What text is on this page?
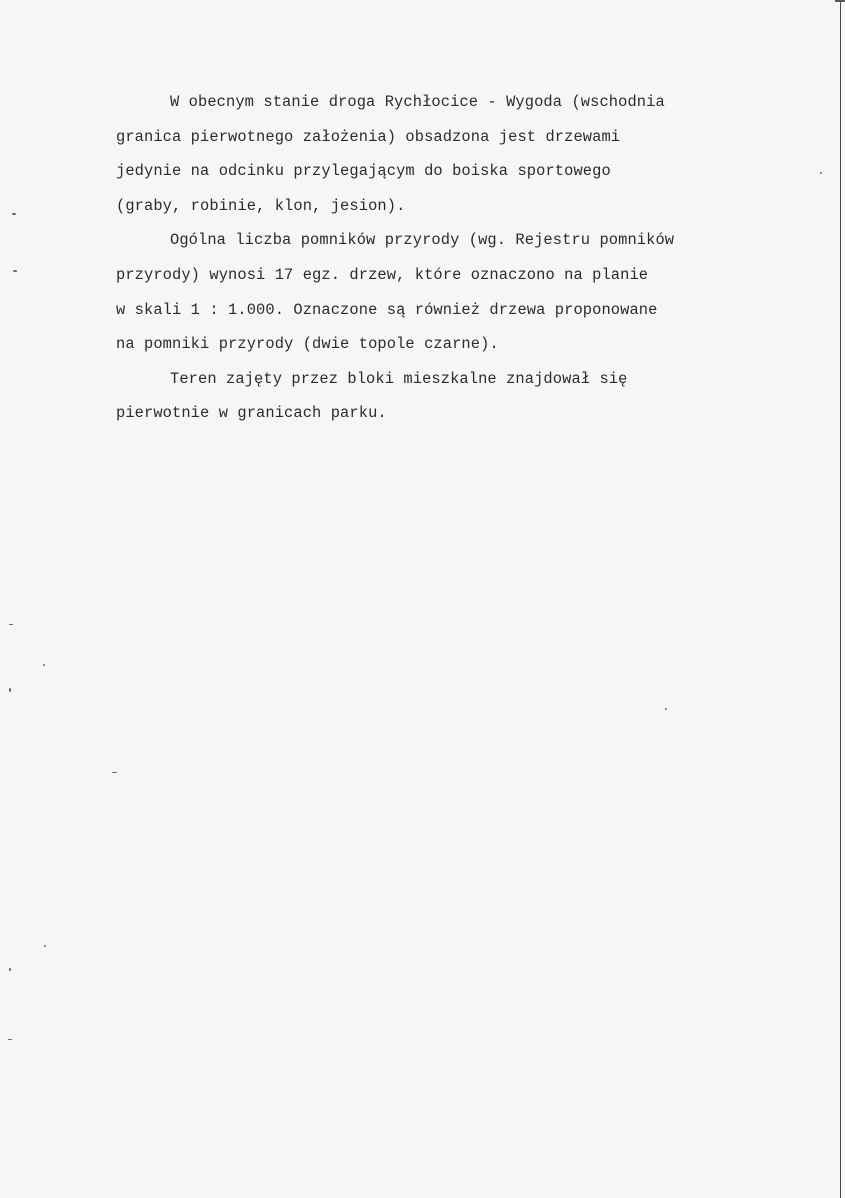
W obecnym stanie droga Rychłocice - Wygoda (wschodnia
granica pierwotnego założenia) obsadzona jest drzewami
jedynie na odcinku przylegającym do boiska sportowego
(graby, robinie, klon, jesion).
Ogólna liczba pomników przyrody (wg. Rejestru pomników
przyrody) wynosi 17 egz. drzew, które oznaczono na planie
w skali 1 : 1.000. Oznaczone są również drzewa proponowane
na pomniki przyrody (dwie topole czarne).
Teren zajęty przez bloki mieszkalne znajdował się
pierwotnie w granicach parku.
